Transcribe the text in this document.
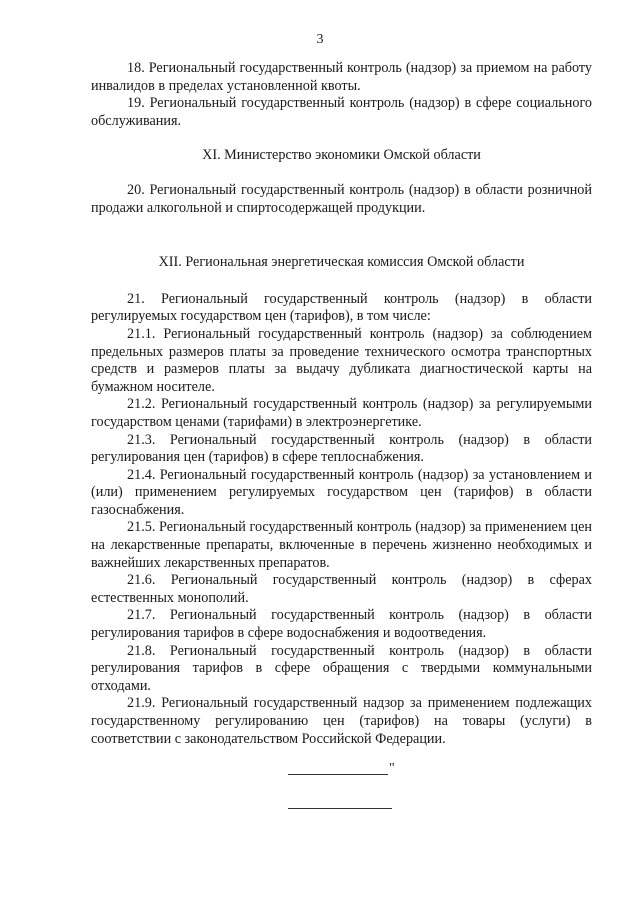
3

18. Региональный государственный контроль (надзор) за приемом на работу инвалидов в пределах установленной квоты.

19. Региональный государственный контроль (надзор) в сфере социального обслуживания.

XI. Министерство экономики Омской области

20. Региональный государственный контроль (надзор) в области розничной продажи алкогольной и спиртосодержащей продукции.

XII. Региональная энергетическая комиссия Омской области

21. Региональный государственный контроль (надзор) в области регулируемых государством цен (тарифов), в том числе:

21.1. Региональный государственный контроль (надзор) за соблюдением предельных размеров платы за проведение технического осмотра транспортных средств и размеров платы за выдачу дубликата диагностической карты на бумажном носителе.

21.2. Региональный государственный контроль (надзор) за регулируемыми государством ценами (тарифами) в электроэнергетике.

21.3. Региональный государственный контроль (надзор) в области регулирования цен (тарифов) в сфере теплоснабжения.

21.4. Региональный государственный контроль (надзор) за установлением и (или) применением регулируемых государством цен (тарифов) в области газоснабжения.

21.5. Региональный государственный контроль (надзор) за применением цен на лекарственные препараты, включенные в перечень жизненно необходимых и важнейших лекарственных препаратов.

21.6. Региональный государственный контроль (надзор) в сферах естественных монополий.

21.7. Региональный государственный контроль (надзор) в области регулирования тарифов в сфере водоснабжения и водоотведения.

21.8. Региональный государственный контроль (надзор) в области регулирования тарифов в сфере обращения с твердыми коммунальными отходами.

21.9. Региональный государственный надзор за применением подлежащих государственному регулированию цен (тарифов) на товары (услуги) в соответствии с законодательством Российской Федерации.

"
